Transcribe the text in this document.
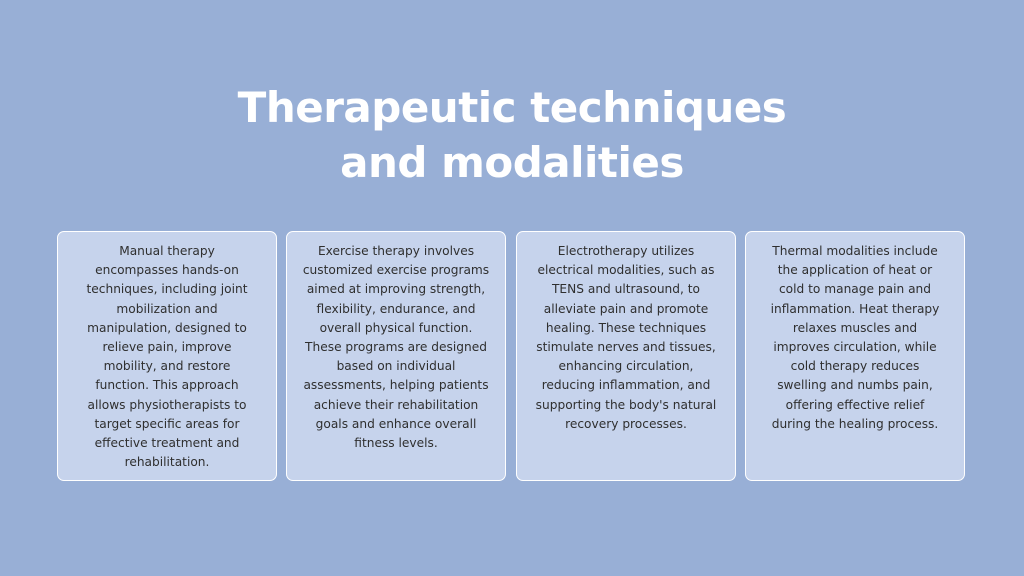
Therapeutic techniques
and modalities

Manual therapy encompasses hands-on techniques, including joint mobilization and manipulation, designed to relieve pain, improve mobility, and restore function. This approach allows physiotherapists to target specific areas for effective treatment and rehabilitation.

Exercise therapy involves customized exercise programs aimed at improving strength, flexibility, endurance, and overall physical function. These programs are designed based on individual assessments, helping patients achieve their rehabilitation goals and enhance overall fitness levels.

Electrotherapy utilizes electrical modalities, such as TENS and ultrasound, to alleviate pain and promote healing. These techniques stimulate nerves and tissues, enhancing circulation, reducing inflammation, and supporting the body's natural recovery processes.

Thermal modalities include the application of heat or cold to manage pain and inflammation. Heat therapy relaxes muscles and improves circulation, while cold therapy reduces swelling and numbs pain, offering effective relief during the healing process.
